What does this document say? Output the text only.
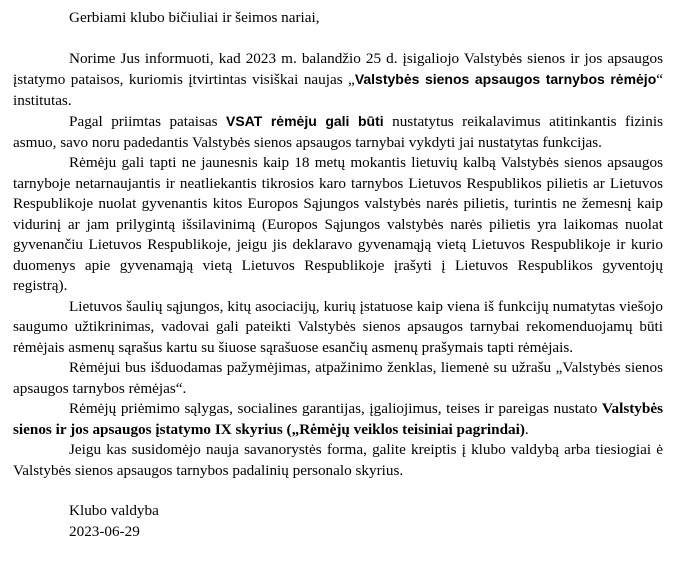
Gerbiami klubo bičiuliai ir šeimos nariai,

Norime Jus informuoti, kad 2023 m. balandžio 25 d. įsigaliojo Valstybės sienos ir jos apsaugos įstatymo pataisos, kuriomis įtvirtintas visiškai naujas „Valstybės sienos apsaugos tarnybos rėmėjo“ institutas.

Pagal priimtas pataisas VSAT rėmėju gali būti nustatytus reikalavimus atitinkantis fizinis asmuo, savo noru padedantis Valstybės sienos apsaugos tarnybai vykdyti jai nustatytas funkcijas.

Rėmėju gali tapti ne jaunesnis kaip 18 metų mokantis lietuvių kalbą Valstybės sienos apsaugos tarnyboje netarnaujantis ir neatliekantis tikrosios karo tarnybos Lietuvos Respublikos pilietis ar Lietuvos Respublikoje nuolat gyvenantis kitos Europos Sąjungos valstybės narės pilietis, turintis ne žemesnį kaip vidurinį ar jam prilygintą išsilavinimą (Europos Sąjungos valstybės narės pilietis yra laikomas nuolat gyvenančiu Lietuvos Respublikoje, jeigu jis deklaravo gyvenamąją vietą Lietuvos Respublikoje ir kurio duomenys apie gyvenamąją vietą Lietuvos Respublikoje įrašyti į Lietuvos Respublikos gyventojų registrą).

Lietuvos šaulių sąjungos, kitų asociacijų, kurių įstatuose kaip viena iš funkcijų numatytas viešojo saugumo užtikrinimas, vadovai gali pateikti Valstybės sienos apsaugos tarnybai rekomenduojamų būti rėmėjais asmenų sąrašus kartu su šiuose sąrašuose esančių asmenų prašymais tapti rėmėjais.

Rėmėjui bus išduodamas pažymėjimas, atpažinimo ženklas, liemenė su užrašu „Valstybės sienos apsaugos tarnybos rėmėjas“.

Rėmėjų priėmimo sąlygas, socialines garantijas, įgaliojimus, teises ir pareigas nustato Valstybės sienos ir jos apsaugos įstatymo IX skyrius („Rėmėjų veiklos teisiniai pagrindai).

Jeigu kas susidomėjo nauja savanorystės forma, galite kreiptis į klubo valdybą arba tiesiogiai ė Valstybės sienos apsaugos tarnybos padalinių personalo skyrius.

Klubo valdyba

2023-06-29
